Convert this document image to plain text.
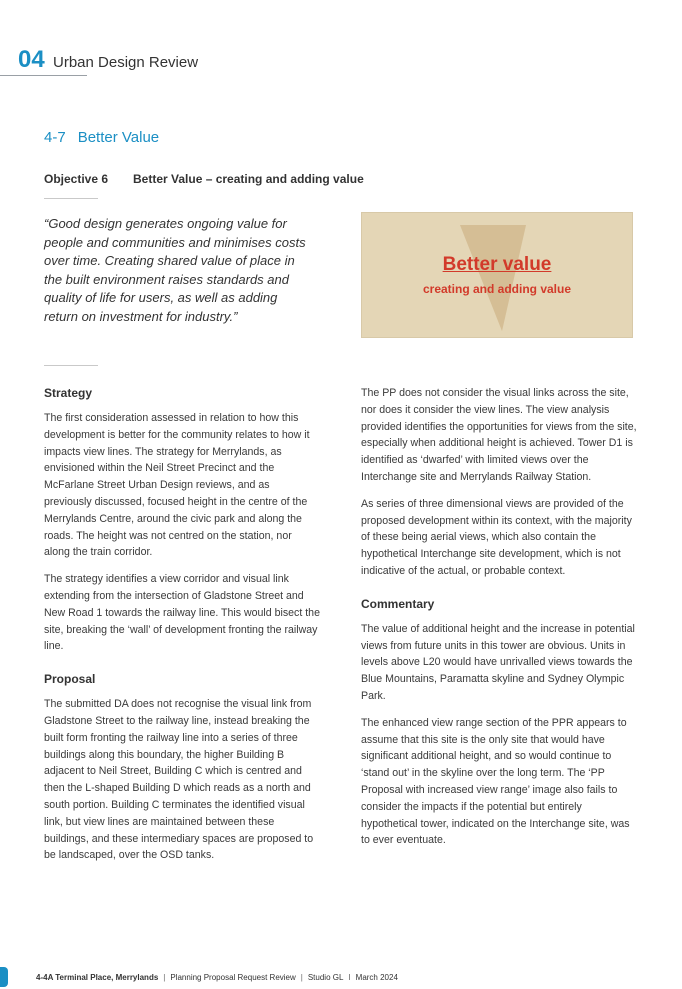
04 Urban Design Review
4-7 Better Value
Objective 6 Better Value – creating and adding value
“Good design generates ongoing value for people and communities and minimises costs over time. Creating shared value of place in the built environment raises standards and quality of life for users, as well as adding return on investment for industry.”
Better value
creating and adding value
Strategy

The first consideration assessed in relation to how this development is better for the community relates to how it impacts view lines. The strategy for Merrylands, as envisioned within the Neil Street Precinct and the McFarlane Street Urban Design reviews, and as previously discussed, focused height in the centre of the Merrylands Centre, around the civic park and along the roads. The height was not centred on the station, nor along the train corridor.

The strategy identifies a view corridor and visual link extending from the intersection of Gladstone Street and New Road 1 towards the railway line. This would bisect the site, breaking the ‘wall’ of development fronting the railway line.

Proposal

The submitted DA does not recognise the visual link from Gladstone Street to the railway line, instead breaking the built form fronting the railway line into a series of three buildings along this boundary, the higher Building B adjacent to Neil Street, Building C which is centred and then the L-shaped Building D which reads as a north and south portion. Building C terminates the identified visual link, but view lines are maintained between these buildings, and these intermediary spaces are proposed to be landscaped, over the OSD tanks.

The PP does not consider the visual links across the site, nor does it consider the view lines. The view analysis provided identifies the opportunities for views from the site, especially when additional height is achieved. Tower D1 is identified as ‘dwarfed’ with limited views over the Interchange site and Merrylands Railway Station.

As series of three dimensional views are provided of the proposed development within its context, with the majority of these being aerial views, which also contain the hypothetical Interchange site development, which is not indicative of the actual, or probable context.

Commentary

The value of additional height and the increase in potential views from future units in this tower are obvious. Units in levels above L20 would have unrivalled views towards the Blue Mountains, Paramatta skyline and Sydney Olympic Park.

The enhanced view range section of the PPR appears to assume that this site is the only site that would have significant additional height, and so would continue to ‘stand out’ in the skyline over the long term. The ‘PP Proposal with increased view range’ image also fails to consider the impacts if the potential but entirely hypothetical tower, indicated on the Interchange site, was to ever eventuate.

4-4A Terminal Place, Merrylands | Planning Proposal Request Review | Studio GL I March 2024
